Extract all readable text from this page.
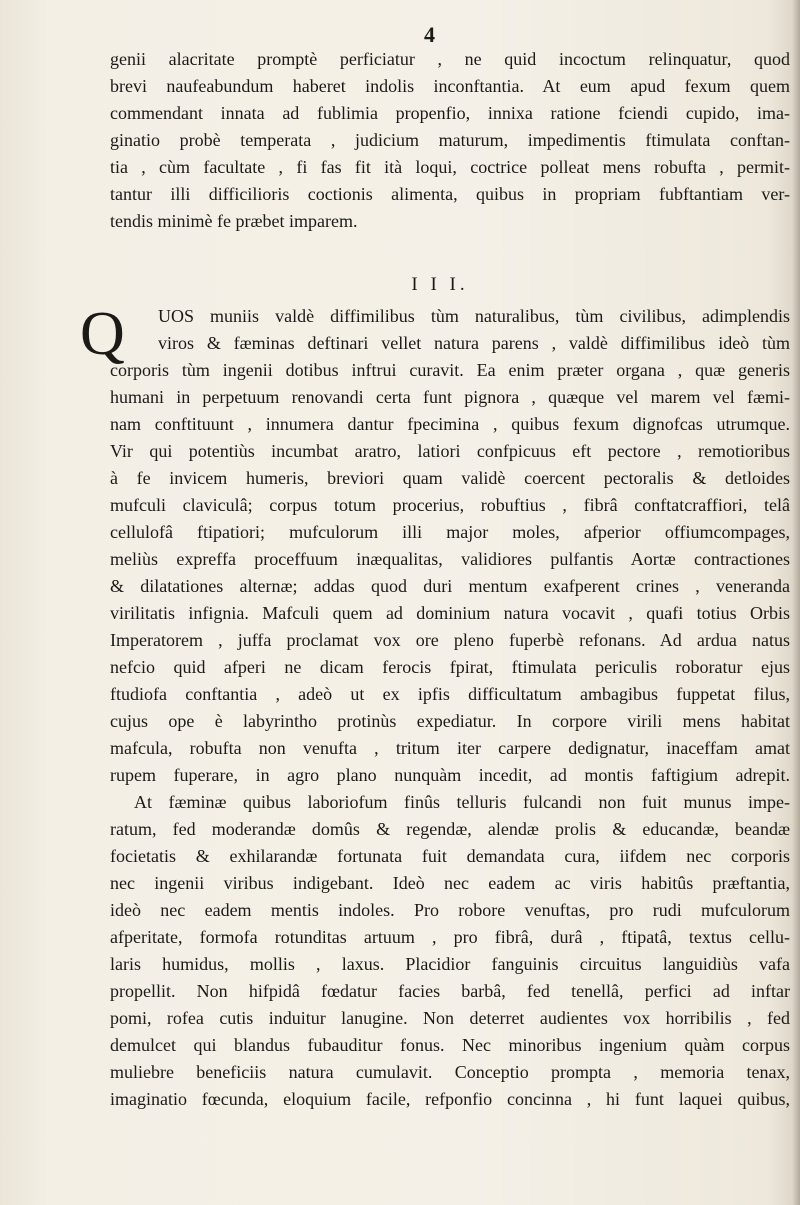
4
genii alacritate promptè perficiatur , ne quid incoctum relinquatur, quod
brevi naufeabundum haberet indolis inconftantia. At eum apud fexum quem
commendant innata ad fublimia propenfio, innixa ratione fciendi cupido, ima-
ginatio probè temperata , judicium maturum, impedimentis ftimulata conftan-
tia , cùm facultate , fi fas fit ità loqui, coctrice polleat mens robufta , permit-
tantur illi difficilioris coctionis alimenta, quibus in propriam fubftantiam ver-
tendis minimè fe præbet imparem.
I I I.
Q	UOS muniis valdè diffimilibus tùm naturalibus, tùm civilibus, adimplendis
viros & fæminas deftinari vellet natura parens , valdè diffimilibus ideò tùm
corporis tùm ingenii dotibus inftrui curavit. Ea enim præter organa , quæ generis
humani in perpetuum renovandi certa funt pignora , quæque vel marem vel fæmi-
nam conftituunt , innumera dantur fpecimina , quibus fexum dignofcas utrumque.
Vir qui potentiùs incumbat aratro, latiori confpicuus eft pectore , remotioribus
à fe invicem humeris, breviori quam validè coercent pectoralis & detloides
mufculi claviculâ; corpus totum procerius, robuftius , fibrâ conftatcraffiori, telâ
cellulofâ ftipatiori; mufculorum illi major moles, afperior offiumcompages,
meliùs expreffa proceffuum inæqualitas, validiores pulfantis Aortæ contractiones
& dilatationes alternæ; addas quod duri mentum exafperent crines , veneranda
virilitatis infignia. Mafculi quem ad dominium natura vocavit , quafi totius Orbis
Imperatorem , juffa proclamat vox ore pleno fuperbè refonans. Ad ardua natus
nefcio quid afperi ne dicam ferocis fpirat, ftimulata periculis roboratur ejus
ftudiofa conftantia , adeò ut ex ipfis difficultatum ambagibus fuppetat filus,
cujus ope è labyrintho protinùs expediatur. In corpore virili mens habitat
mafcula, robufta non venufta , tritum iter carpere dedignatur, inaceffam amat
rupem fuperare, in agro plano nunquàm incedit, ad montis faftigium adrepit.
At fæminæ quibus laboriofum finûs telluris fulcandi non fuit munus impe-
ratum, fed moderandæ domûs & regendæ, alendæ prolis & educandæ, beandæ
focietatis & exhilarandæ fortunata fuit demandata cura, iifdem nec corporis
nec ingenii viribus indigebant. Ideò nec eadem ac viris habitûs præftantia,
ideò nec eadem mentis indoles. Pro robore venuftas, pro rudi mufculorum
afperitate, formofa rotunditas artuum , pro fibrâ, durâ , ftipatâ, textus cellu-
laris humidus, mollis , laxus. Placidior fanguinis circuitus languidiùs vafa
propellit. Non hifpidâ fœdatur facies barbâ, fed tenellâ, perfici ad inftar
pomi, rofea cutis induitur lanugine. Non deterret audientes vox horribilis , fed
demulcet qui blandus fubauditur fonus. Nec minoribus ingenium quàm corpus
muliebre beneficiis natura cumulavit. Conceptio prompta , memoria tenax,
imaginatio fœcunda, eloquium facile, refponfio concinna , hi funt laquei quibus,
